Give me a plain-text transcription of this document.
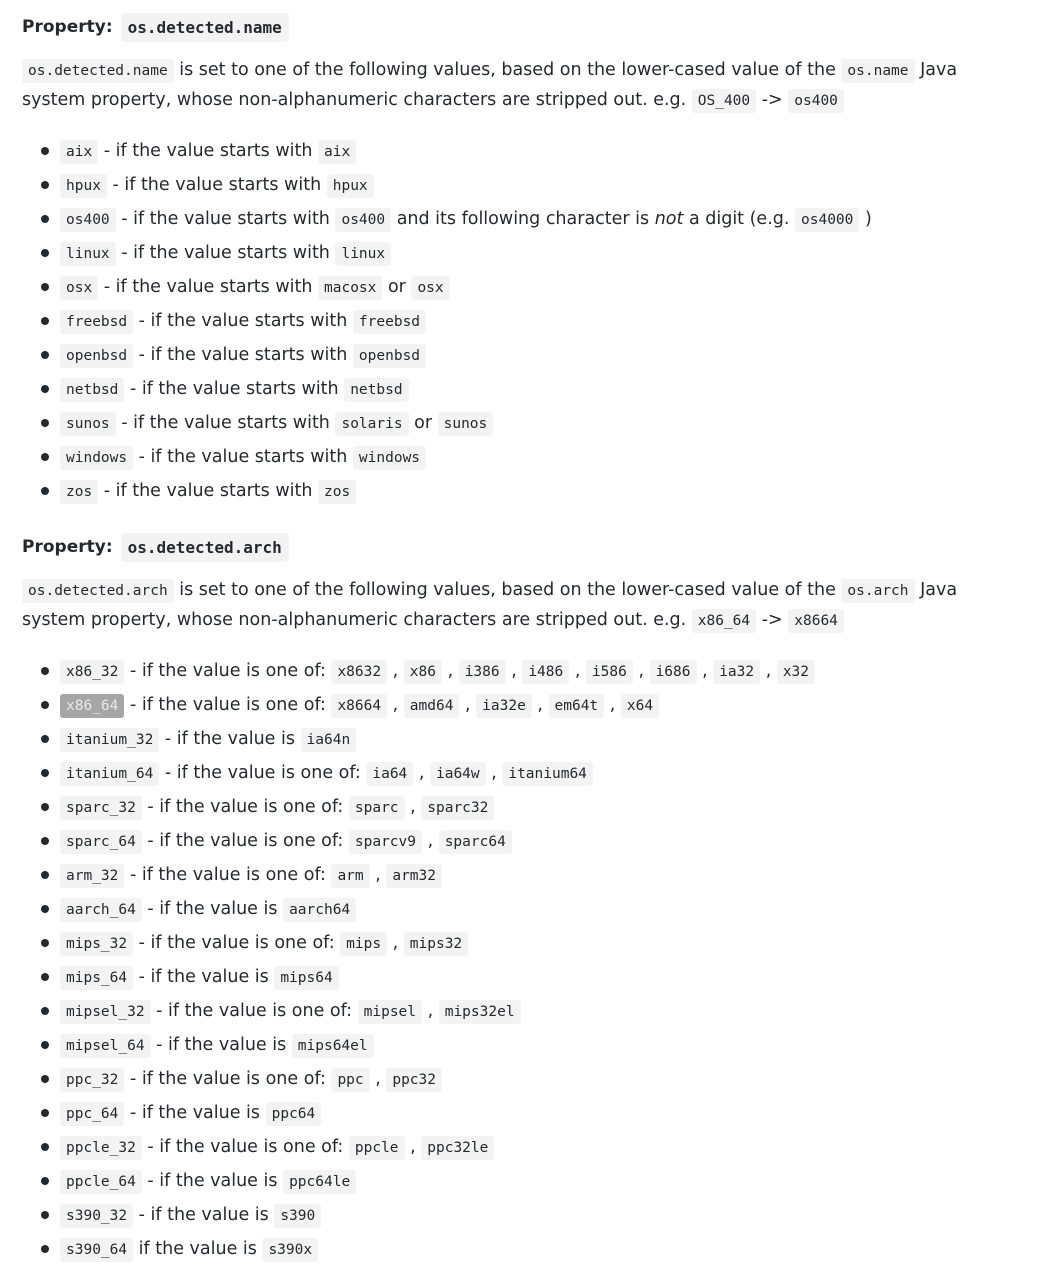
Property: os.detected.name
os.detected.name is set to one of the following values, based on the lower-cased value of the os.name Java system property, whose non-alphanumeric characters are stripped out. e.g. OS_400 -> os400
aix - if the value starts with aix
hpux - if the value starts with hpux
os400 - if the value starts with os400 and its following character is not a digit (e.g. os4000 )
linux - if the value starts with linux
osx - if the value starts with macosx or osx
freebsd - if the value starts with freebsd
openbsd - if the value starts with openbsd
netbsd - if the value starts with netbsd
sunos - if the value starts with solaris or sunos
windows - if the value starts with windows
zos - if the value starts with zos
Property: os.detected.arch
os.detected.arch is set to one of the following values, based on the lower-cased value of the os.arch Java system property, whose non-alphanumeric characters are stripped out. e.g. x86_64 -> x8664
x86_32 - if the value is one of: x8632 , x86 , i386 , i486 , i586 , i686 , ia32 , x32
x86_64 - if the value is one of: x8664 , amd64 , ia32e , em64t , x64
itanium_32 - if the value is ia64n
itanium_64 - if the value is one of: ia64 , ia64w , itanium64
sparc_32 - if the value is one of: sparc , sparc32
sparc_64 - if the value is one of: sparcv9 , sparc64
arm_32 - if the value is one of: arm , arm32
aarch_64 - if the value is aarch64
mips_32 - if the value is one of: mips , mips32
mips_64 - if the value is mips64
mipsel_32 - if the value is one of: mipsel , mips32el
mipsel_64 - if the value is mips64el
ppc_32 - if the value is one of: ppc , ppc32
ppc_64 - if the value is ppc64
ppcle_32 - if the value is one of: ppcle , ppc32le
ppcle_64 - if the value is ppc64le
s390_32 - if the value is s390
s390_64 if the value is s390x
